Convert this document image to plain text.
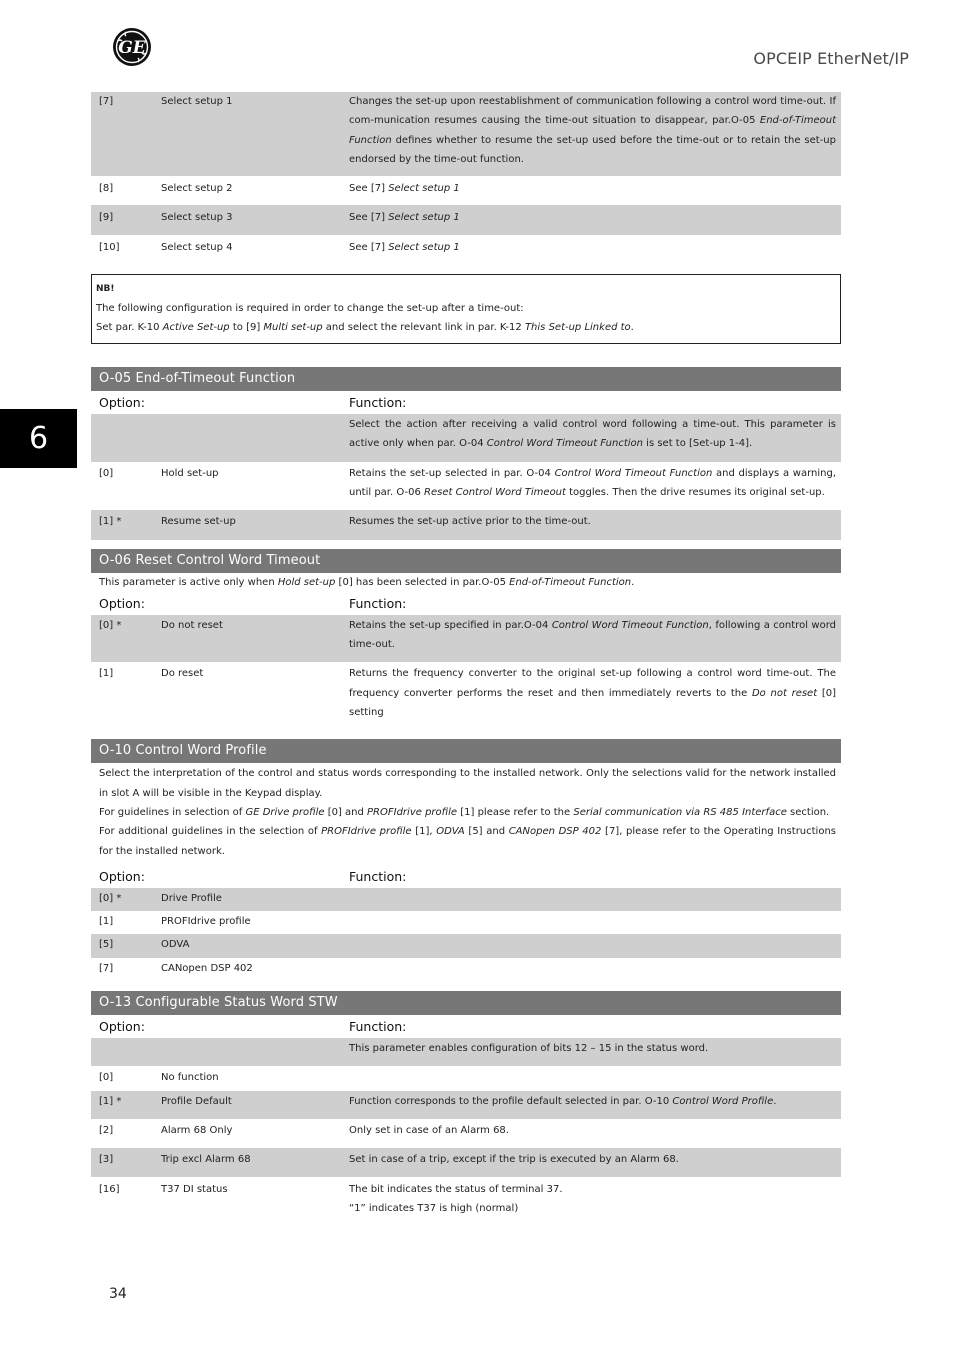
GE
OPCEIP EtherNet/IP
6
[7]	Select setup 1	Changes the set-up upon reestablishment of communication following a control word time-out. If com-munication resumes causing the time-out situation to disappear, par.O-05 End-of-Timeout Function defines whether to resume the set-up used before the time-out or to retain the set-up endorsed by the time-out function.
[8]	Select setup 2	See [7] Select setup 1
[9]	Select setup 3	See [7] Select setup 1
[10]	Select setup 4	See [7] Select setup 1
NB!
The following configuration is required in order to change the set-up after a time-out:
Set par. K-10 Active Set-up to [9] Multi set-up and select the relevant link in par. K-12 This Set-up Linked to.
O-05 End-of-Timeout Function
Option:	Function:
Select the action after receiving a valid control word following a time-out. This parameter is active only when par. O-04 Control Word Timeout Function is set to [Set-up 1-4].
[0]	Hold set-up	Retains the set-up selected in par. O-04 Control Word Timeout Function and displays a warning, until par. O-06 Reset Control Word Timeout toggles. Then the drive resumes its original set-up.
[1] *	Resume set-up	Resumes the set-up active prior to the time-out.
O-06 Reset Control Word Timeout
This parameter is active only when Hold set-up [0] has been selected in par.O-05 End-of-Timeout Function.
Option:	Function:
[0] *	Do not reset	Retains the set-up specified in par.O-04 Control Word Timeout Function, following a control word time-out.
[1]	Do reset	Returns the frequency converter to the original set-up following a control word time-out. The frequency converter performs the reset and then immediately reverts to the Do not reset [0] setting
O-10 Control Word Profile
Select the interpretation of the control and status words corresponding to the installed network. Only the selections valid for the network installed in slot A will be visible in the Keypad display.
For guidelines in selection of GE Drive profile [0] and PROFIdrive profile [1] please refer to the Serial communication via RS 485 Interface section.
For additional guidelines in the selection of PROFIdrive profile [1], ODVA [5] and CANopen DSP 402 [7], please refer to the Operating Instructions for the installed network.
Option:	Function:
[0] *	Drive Profile
[1]	PROFIdrive profile
[5]	ODVA
[7]	CANopen DSP 402
O-13 Configurable Status Word STW
Option:	Function:
This parameter enables configuration of bits 12 – 15 in the status word.
[0]	No function
[1] *	Profile Default	Function corresponds to the profile default selected in par. O-10 Control Word Profile.
[2]	Alarm 68 Only	Only set in case of an Alarm 68.
[3]	Trip excl Alarm 68	Set in case of a trip, except if the trip is executed by an Alarm 68.
[16]	T37 DI status	The bit indicates the status of terminal 37.
“1” indicates T37 is high (normal)
34
